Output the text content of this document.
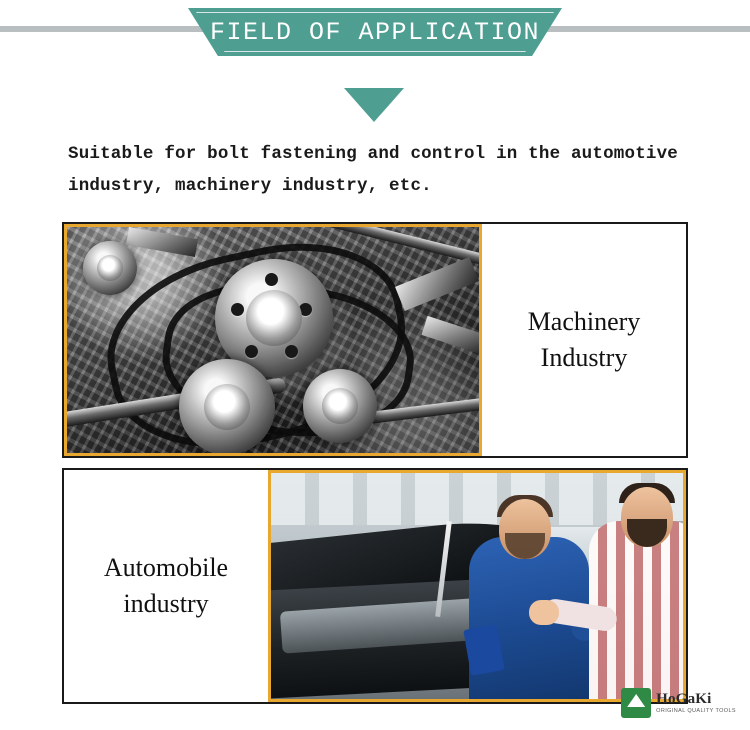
FIELD OF APPLICATION
Suitable for bolt fastening and control in the automotive industry, machinery industry, etc.
Machinery Industry
Automobile industry
HoGaKi
ORIGINAL QUALITY TOOLS
